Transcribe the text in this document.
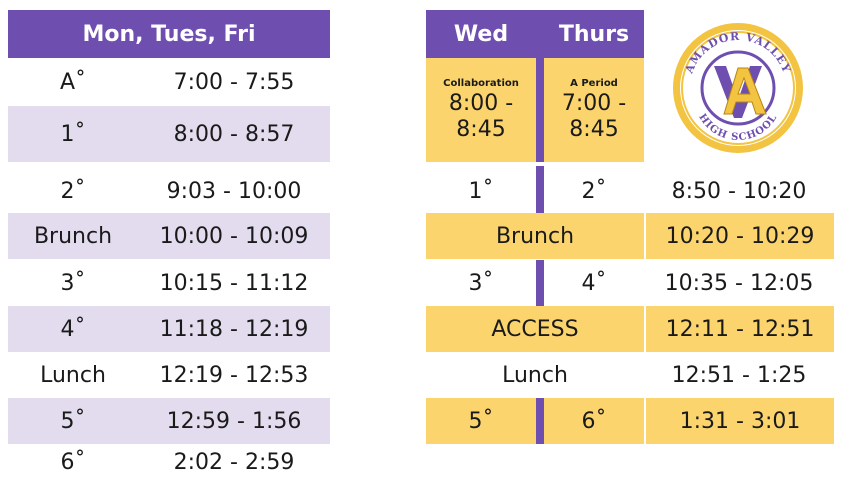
Mon, Tues, Fri
A˚	7:00 - 7:55
1˚	8:00 - 8:57
2˚	9:03 - 10:00
Brunch	10:00 - 10:09
3˚	10:15 - 11:12
4˚	11:18 - 12:19
Lunch	12:19 - 12:53
5˚	12:59 - 1:56
6˚	2:02 - 2:59
Wed	Thurs
Collaboration
8:00 -
8:45
A Period
7:00 -
8:45
1˚	2˚	8:50 - 10:20
Brunch	10:20 - 10:29
3˚	4˚	10:35 - 12:05
ACCESS	12:11 - 12:51
Lunch	12:51 - 1:25
5˚	6˚	1:31 - 3:01
AMADOR VALLEY
HIGH SCHOOL
